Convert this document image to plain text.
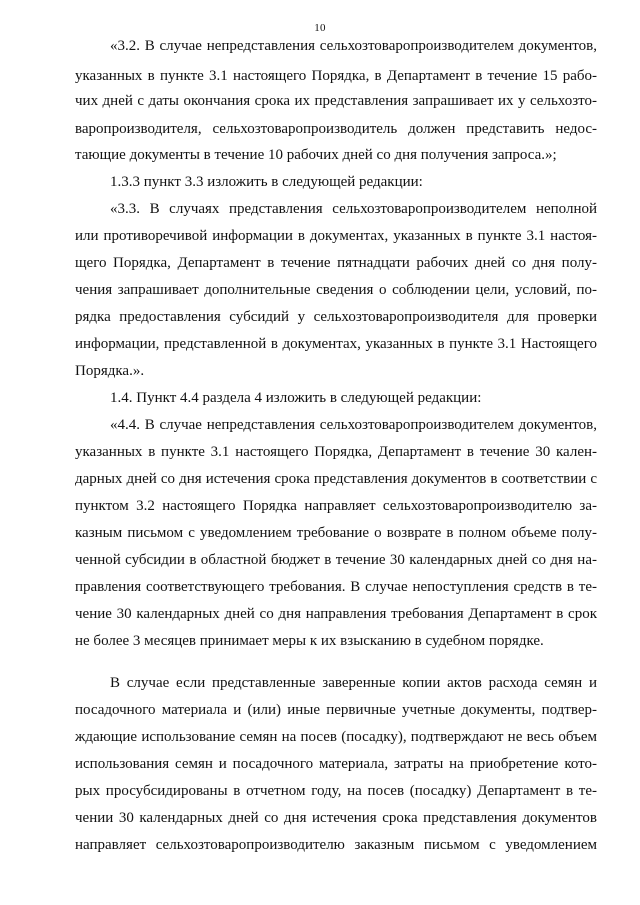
10
«3.2. В случае непредставления сельхозтоваропроизводителем документов,
указанных в пункте 3.1 настоящего Порядка, в Департамент в течение 15 рабо-
чих дней с даты окончания срока их представления запрашивает их у сельхозто-
варопроизводителя, сельхозтоваропроизводитель должен представить недос-
тающие документы в течение 10 рабочих дней со дня получения запроса.»;
1.3.3 пункт 3.3 изложить в следующей редакции:
«3.3. В случаях представления сельхозтоваропроизводителем неполной
или противоречивой информации в документах, указанных в пункте 3.1 настоя-
щего Порядка, Департамент в течение пятнадцати рабочих дней со дня полу-
чения запрашивает дополнительные сведения о соблюдении цели, условий, по-
рядка предоставления субсидий у сельхозтоваропроизводителя для проверки
информации, представленной в документах, указанных в пункте 3.1 Настоящего
Порядка.».
1.4. Пункт 4.4 раздела 4 изложить в следующей редакции:
«4.4. В случае непредставления сельхозтоваропроизводителем документов,
указанных в пункте 3.1 настоящего Порядка, Департамент в течение 30 кален-
дарных дней со дня истечения срока представления документов в соответствии с
пунктом 3.2 настоящего Порядка направляет сельхозтоваропроизводителю за-
казным письмом с уведомлением требование о возврате в полном объеме полу-
ченной субсидии в областной бюджет в течение 30 календарных дней со дня на-
правления соответствующего требования. В случае непоступления средств в те-
чение 30 календарных дней со дня направления требования Департамент в срок
не более 3 месяцев принимает меры к их взысканию в судебном порядке.
В случае если представленные заверенные копии актов расхода семян и
посадочного материала и (или) иные первичные учетные документы, подтвер-
ждающие использование семян на посев (посадку), подтверждают не весь объем
использования семян и посадочного материала, затраты на приобретение кото-
рых просубсидированы в отчетном году, на посев (посадку) Департамент в те-
чении 30 календарных дней со дня истечения срока представления документов
направляет сельхозтоваропроизводителю заказным письмом с уведомлением
